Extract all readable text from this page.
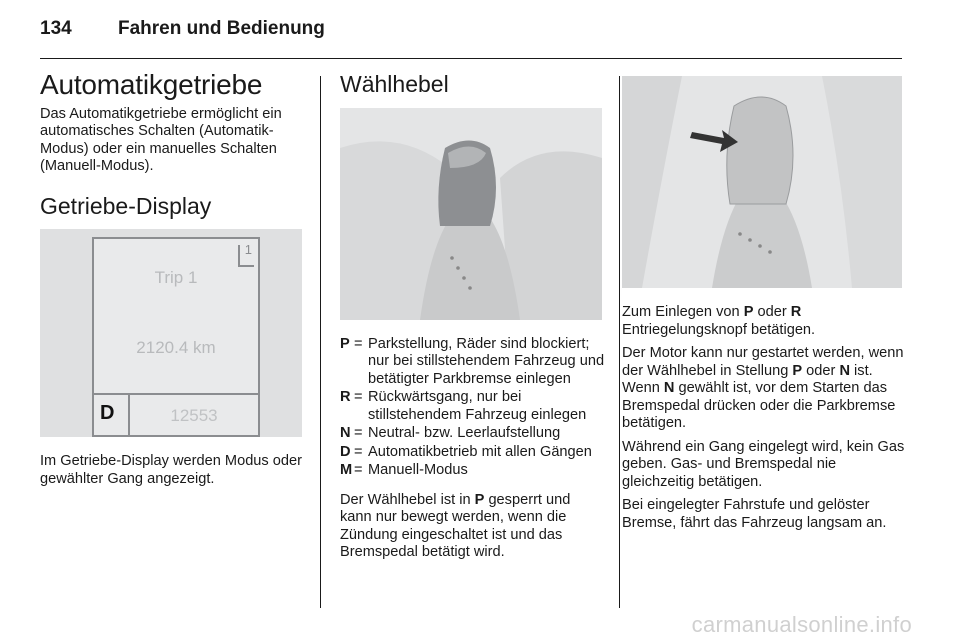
134 Fahren und Bedienung
Automatikgetriebe

Das Automatikgetriebe ermöglicht ein automatisches Schalten (Automatik-Modus) oder ein manuelles Schalten (Manuell-Modus).

Getriebe-Display
1
Trip 1
2120.4 km
D	12553

Im Getriebe-Display werden Modus oder gewählter Gang angezeigt.

Wählhebel
P = Parkstellung, Räder sind blockiert; nur bei stillstehendem Fahrzeug und betätigter Parkbremse einlegen
R = Rückwärtsgang, nur bei stillstehendem Fahrzeug einlegen
N = Neutral- bzw. Leerlaufstellung
D = Automatikbetrieb mit allen Gängen
M = Manuell-Modus

Der Wählhebel ist in P gesperrt und kann nur bewegt werden, wenn die Zündung eingeschaltet ist und das Bremspedal betätigt wird.

Zum Einlegen von P oder R Entriegelungsknopf betätigen.

Der Motor kann nur gestartet werden, wenn der Wählhebel in Stellung P oder N ist. Wenn N gewählt ist, vor dem Starten das Bremspedal drücken oder die Parkbremse betätigen.

Während ein Gang eingelegt wird, kein Gas geben. Gas- und Bremspedal nie gleichzeitig betätigen.

Bei eingelegter Fahrstufe und gelöster Bremse, fährt das Fahrzeug langsam an.

carmanualsonline.info
